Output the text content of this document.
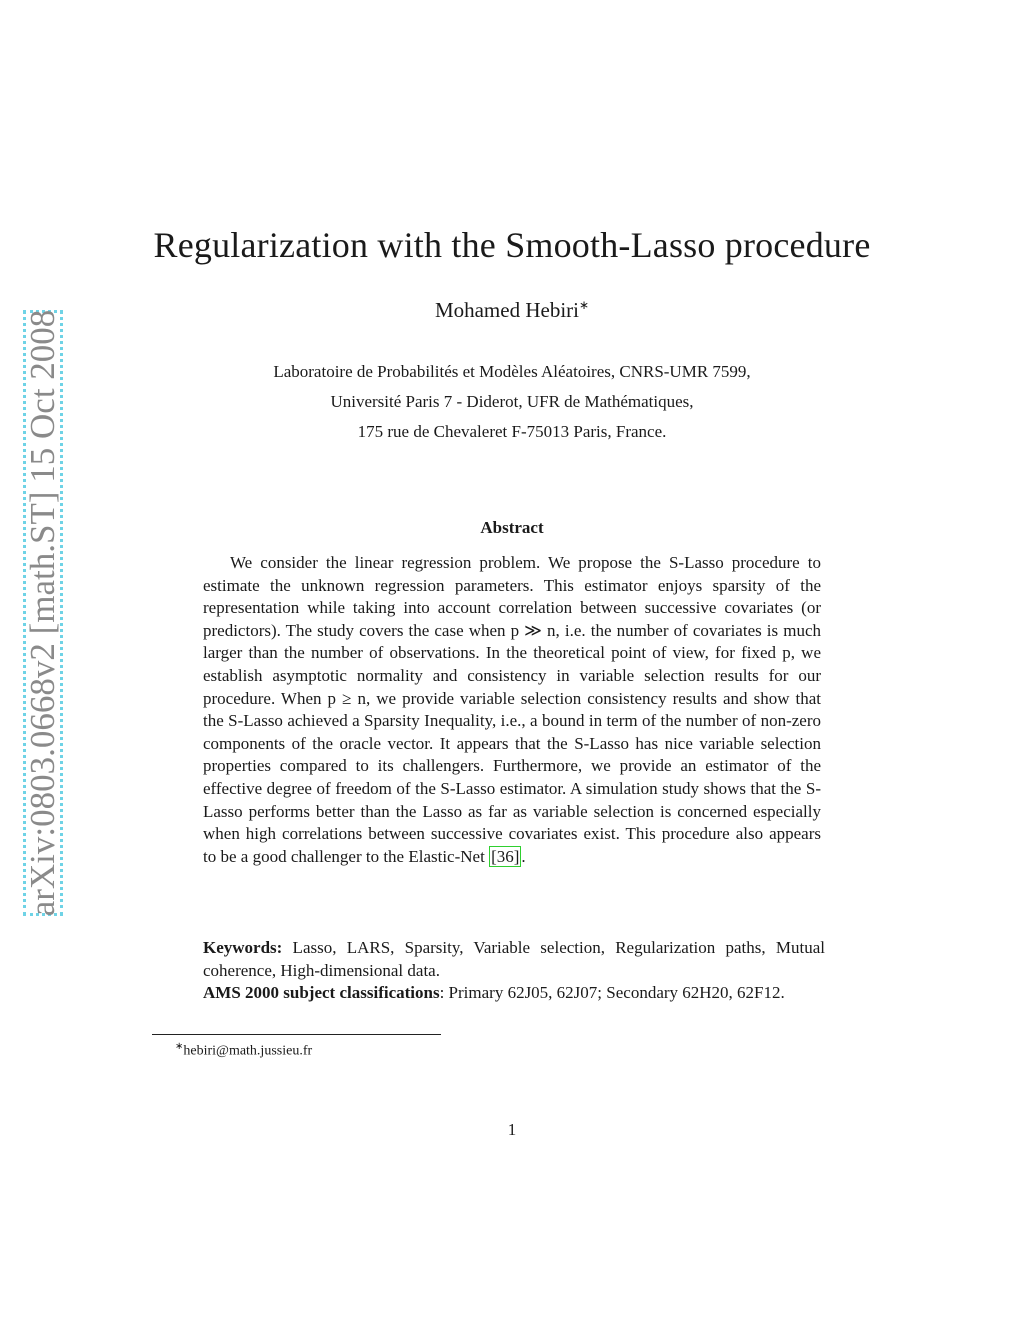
arXiv:0803.0668v2 [math.ST] 15 Oct 2008
Regularization with the Smooth-Lasso procedure
Mohamed Hebiri∗
Laboratoire de Probabilités et Modèles Aléatoires, CNRS-UMR 7599,
Université Paris 7 - Diderot, UFR de Mathématiques,
175 rue de Chevaleret F-75013 Paris, France.
Abstract

We consider the linear regression problem. We propose the S-Lasso procedure to estimate the unknown regression parameters. This estimator enjoys sparsity of the representation while taking into account correlation between successive covariates (or predictors). The study covers the case when p ≫ n, i.e. the number of covariates is much larger than the number of observations. In the theoretical point of view, for fixed p, we establish asymptotic normality and consistency in variable selection results for our procedure. When p ≥ n, we provide variable selection consistency results and show that the S-Lasso achieved a Sparsity Inequality, i.e., a bound in term of the number of non-zero components of the oracle vector. It appears that the S-Lasso has nice variable selection properties compared to its challengers. Furthermore, we provide an estimator of the effective degree of freedom of the S-Lasso estimator. A simulation study shows that the S-Lasso performs better than the Lasso as far as variable selection is concerned especially when high correlations between successive covariates exist. This procedure also appears to be a good challenger to the Elastic-Net [36] .

Keywords: Lasso, LARS, Sparsity, Variable selection, Regularization paths, Mutual coherence, High-dimensional data.
AMS 2000 subject classifications: Primary 62J05, 62J07; Secondary 62H20, 62F12.
∗hebiri@math.jussieu.fr
1
